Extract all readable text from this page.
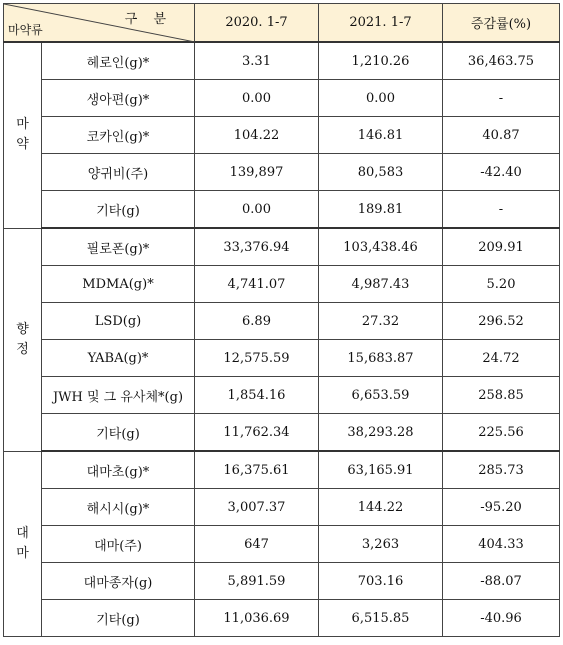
구 분
마약류		2020. 1-7	2021. 1-7	증감률(%)

마
약	헤로인(g)*	3.31	1,210.26	36,463.75
	생아편(g)*	0.00	0.00	-
	코카인(g)*	104.22	146.81	40.87
	양귀비(주)	139,897	80,583	-42.40
	기타(g)	0.00	189.81	-

향
정	필로폰(g)*	33,376.94	103,438.46	209.91
	MDMA(g)*	4,741.07	4,987.43	5.20
	LSD(g)	6.89	27.32	296.52
	YABA(g)*	12,575.59	15,683.87	24.72
	JWH 및 그 유사체*(g)	1,854.16	6,653.59	258.85
	기타(g)	11,762.34	38,293.28	225.56

대
마	대마초(g)*	16,375.61	63,165.91	285.73
	해시시(g)*	3,007.37	144.22	-95.20
	대마(주)	647	3,263	404.33
	대마종자(g)	5,891.59	703.16	-88.07
	기타(g)	11,036.69	6,515.85	-40.96
